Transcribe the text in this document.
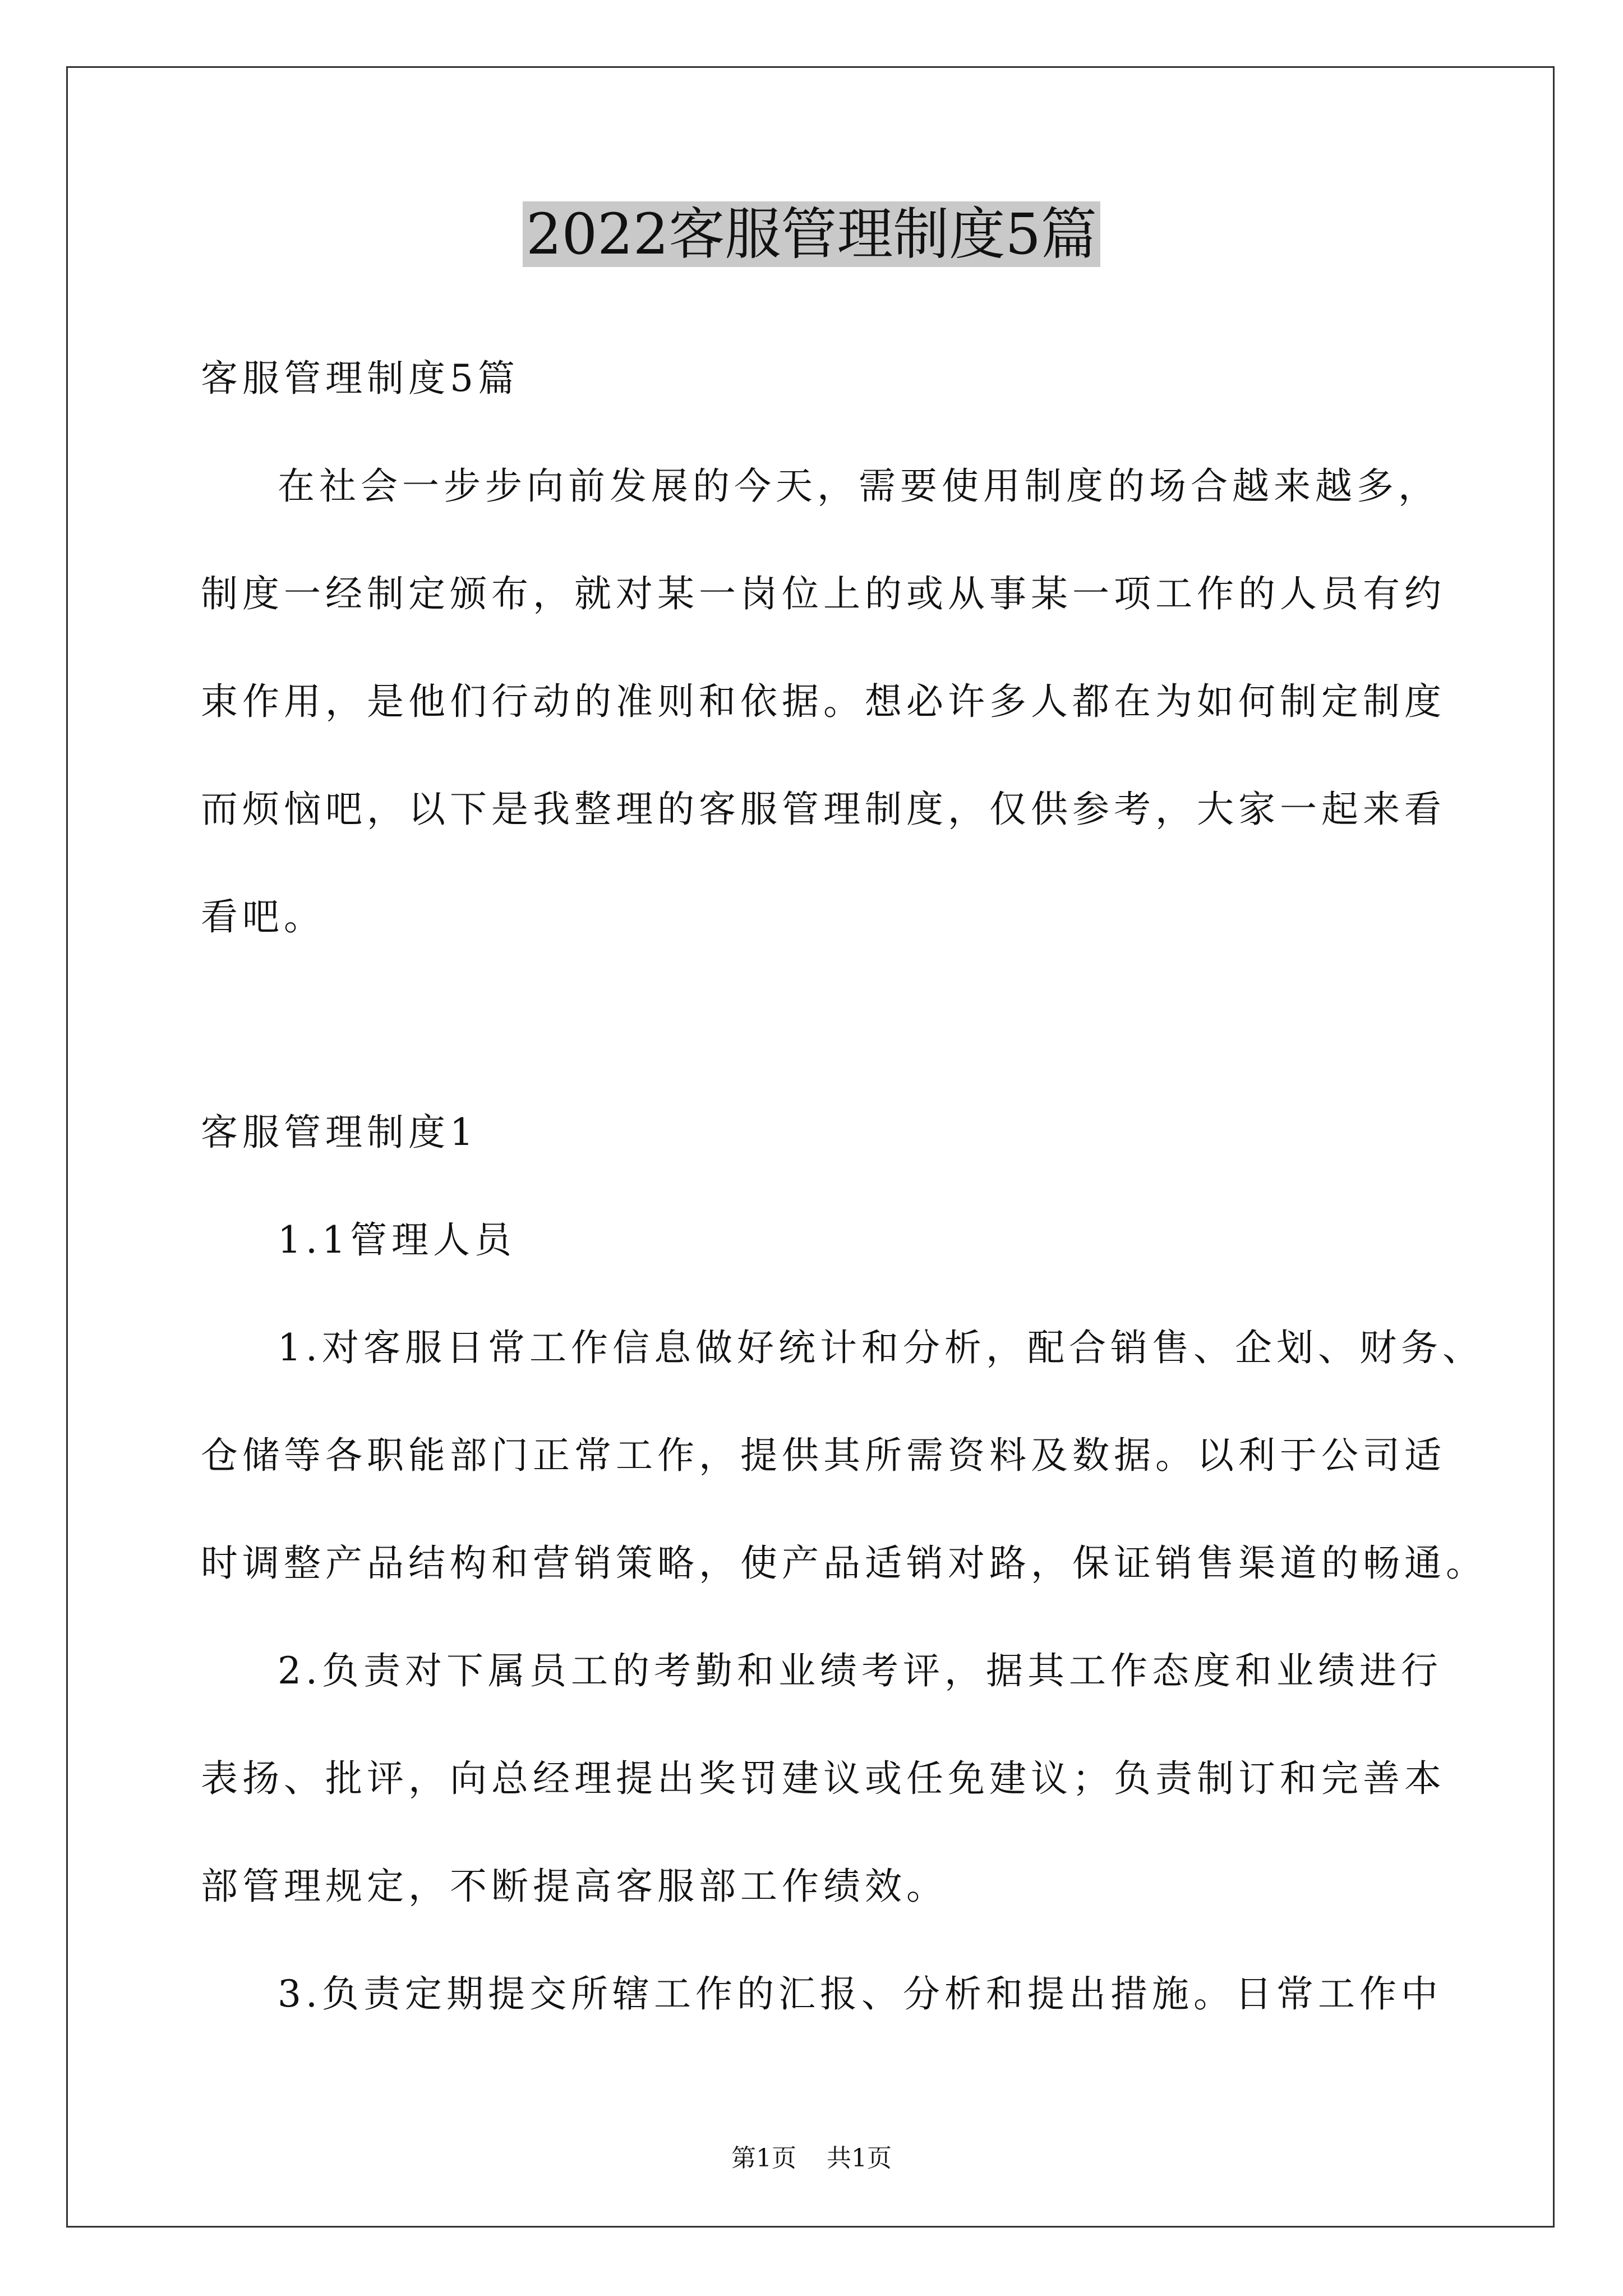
2022客服管理制度5篇
客服管理制度5篇
在社会一步步向前发展的今天，需要使用制度的场合越来越多，
制度一经制定颁布，就对某一岗位上的或从事某一项工作的人员有约
束作用，是他们行动的准则和依据。想必许多人都在为如何制定制度
而烦恼吧，以下是我整理的客服管理制度，仅供参考，大家一起来看
看吧。
客服管理制度1
1.1管理人员
1.对客服日常工作信息做好统计和分析，配合销售、企划、财务、
仓储等各职能部门正常工作，提供其所需资料及数据。以利于公司适
时调整产品结构和营销策略，使产品适销对路，保证销售渠道的畅通。
2.负责对下属员工的考勤和业绩考评，据其工作态度和业绩进行
表扬、批评，向总经理提出奖罚建议或任免建议；负责制订和完善本
部管理规定，不断提高客服部工作绩效。
3.负责定期提交所辖工作的汇报、分析和提出措施。日常工作中
第1页 共1页
